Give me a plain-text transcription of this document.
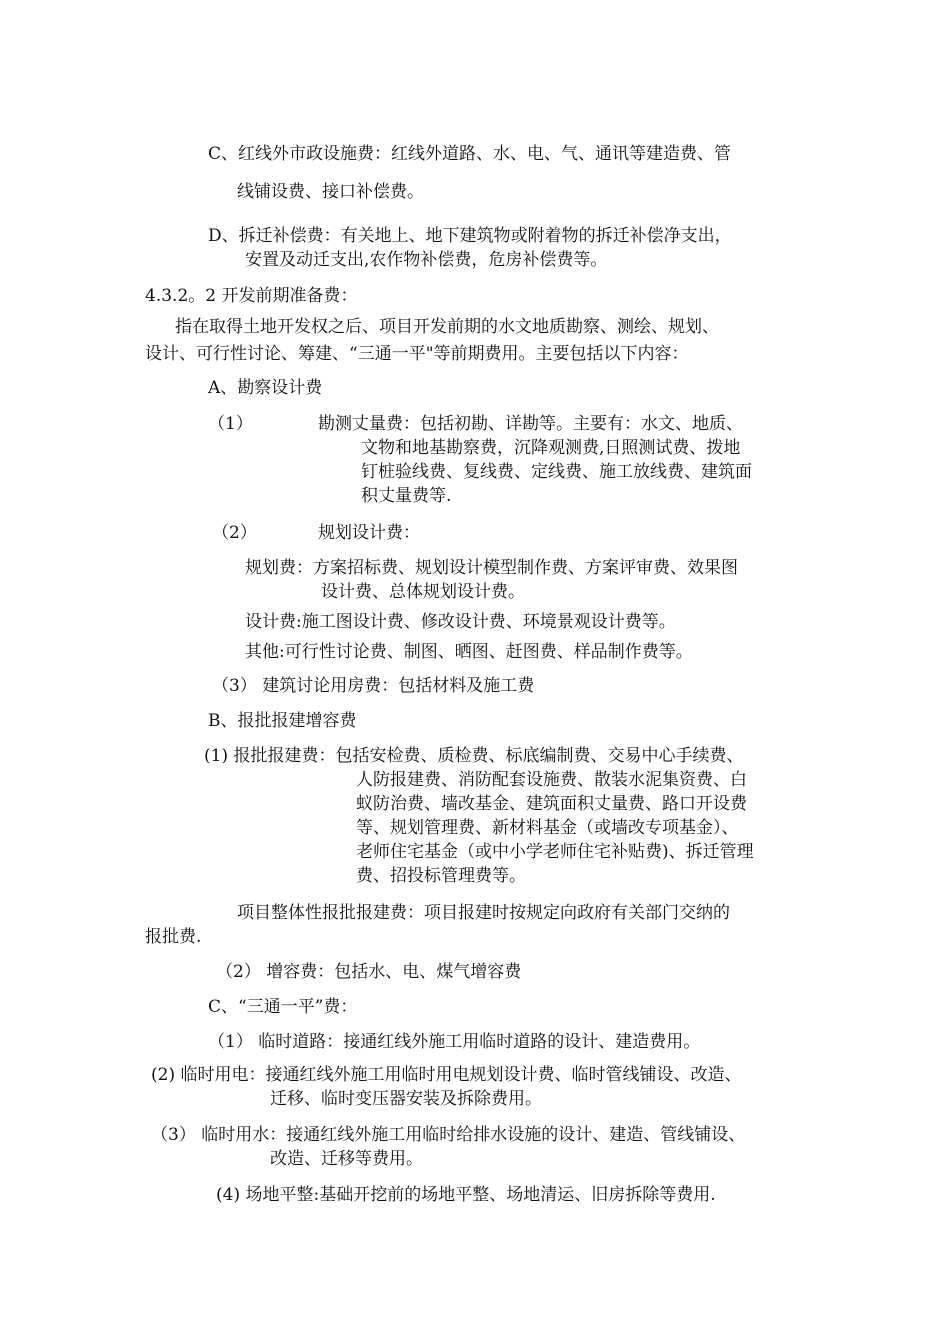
C、红线外市政设施费：红线外道路、水、电、气、通讯等建造费、管

线铺设费、接口补偿费。

D、拆迁补偿费：有关地上、地下建筑物或附着物的拆迁补偿净支出，

安置及动迁支出,农作物补偿费，危房补偿费等。

4.3.2。2 开发前期准备费：

指在取得土地开发权之后、项目开发前期的水文地质勘察、测绘、规划、

设计、可行性讨论、筹建、“三通一平"等前期费用。主要包括以下内容：

A、勘察设计费

（1）	勘测丈量费：包括初勘、详勘等。主要有：水文、地质、

文物和地基勘察费，沉降观测费,日照测试费、拨地

钉桩验线费、复线费、定线费、施工放线费、建筑面

积丈量费等.

（2）	规划设计费：

规划费：方案招标费、规划设计模型制作费、方案评审费、效果图

设计费、总体规划设计费。

设计费:施工图设计费、修改设计费、环境景观设计费等。

其他:可行性讨论费、制图、晒图、赶图费、样品制作费等。

（3） 建筑讨论用房费：包括材料及施工费

B、报批报建增容费

(1) 报批报建费：包括安检费、质检费、标底编制费、交易中心手续费、

人防报建费、消防配套设施费、散装水泥集资费、白

蚁防治费、墙改基金、建筑面积丈量费、路口开设费

等、规划管理费、新材料基金（或墙改专项基金）、

老师住宅基金（或中小学老师住宅补贴费)、拆迁管理

费、招投标管理费等。

项目整体性报批报建费：项目报建时按规定向政府有关部门交纳的

报批费.

（2） 增容费：包括水、电、煤气增容费

C、“三通一平”费：

（1） 临时道路：接通红线外施工用临时道路的设计、建造费用。

(2) 临时用电：接通红线外施工用临时用电规划设计费、临时管线铺设、改造、

迁移、临时变压器安装及拆除费用。

（3） 临时用水：接通红线外施工用临时给排水设施的设计、建造、管线铺设、

改造、迁移等费用。

(4) 场地平整:基础开挖前的场地平整、场地清运、旧房拆除等费用.
